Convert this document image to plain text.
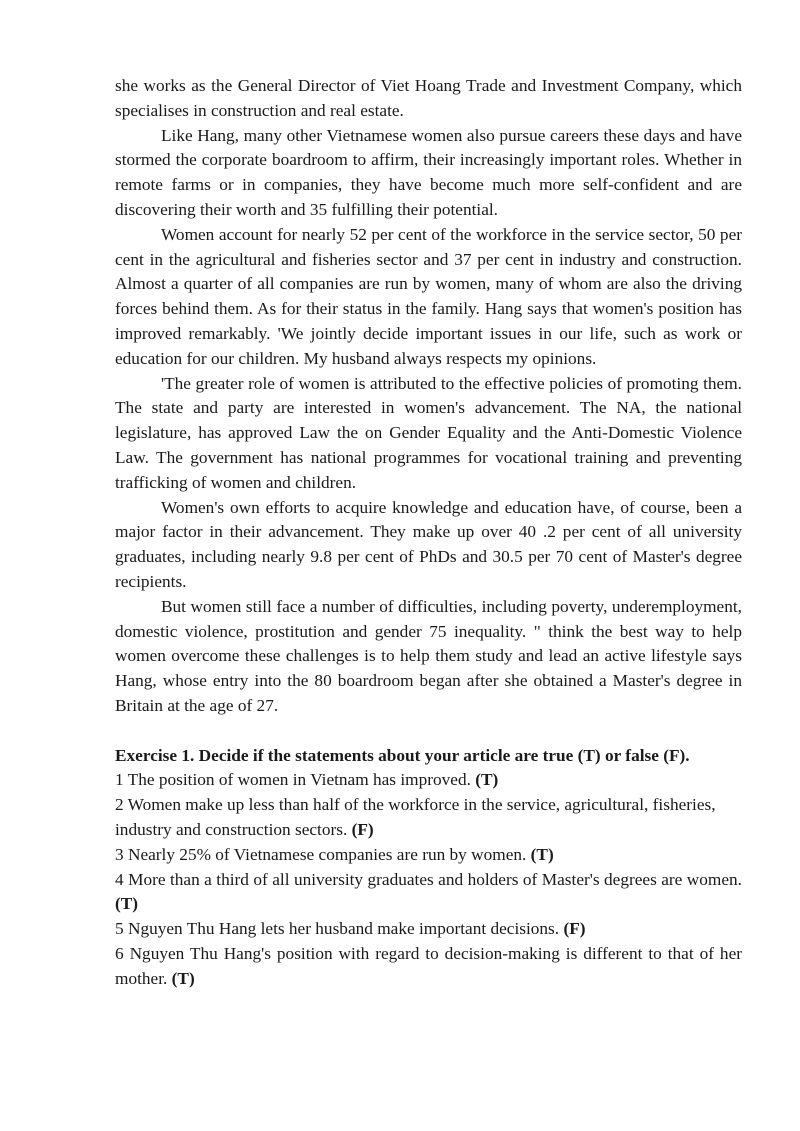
she works as the General Director of Viet Hoang Trade and Investment Company, which specialises in construction and real estate.

Like Hang, many other Vietnamese women also pursue careers these days and have stormed the corporate boardroom to affirm, their increasingly important roles. Whether in remote farms or in companies, they have become much more self-confident and are discovering their worth and 35 fulfilling their potential.

Women account for nearly 52 per cent of the workforce in the service sector, 50 per cent in the agricultural and fisheries sector and 37 per cent in industry and construction. Almost a quarter of all companies are run by women, many of whom are also the driving forces behind them. As for their status in the family. Hang says that women's position has improved remarkably. 'We jointly decide important issues in our life, such as work or education for our children. My husband always respects my opinions.

'The greater role of women is attributed to the effective policies of promoting them. The state and party are interested in women's advancement. The NA, the national legislature, has approved Law the on Gender Equality and the Anti-Domestic Violence Law. The government has national programmes for vocational training and preventing trafficking of women and children.

Women's own efforts to acquire knowledge and education have, of course, been a major factor in their advancement. They make up over 40 .2 per cent of all university graduates, including nearly 9.8 per cent of PhDs and 30.5 per 70 cent of Master's degree recipients.

But women still face a number of difficulties, including poverty, underemployment, domestic violence, prostitution and gender 75 inequality. " think the best way to help women overcome these challenges is to help them study and lead an active lifestyle says Hang, whose entry into the 80 boardroom began after she obtained a Master's degree in Britain at the age of 27.

Exercise 1. Decide if the statements about your article are true (T) or false (F).

1 The position of women in Vietnam has improved. (T)

2 Women make up less than half of the workforce in the service, agricultural, fisheries, industry and construction sectors. (F)

3 Nearly 25% of Vietnamese companies are run by women. (T)

4 More than a third of all university graduates and holders of Master's degrees are women. (T)

5 Nguyen Thu Hang lets her husband make important decisions. (F)

6 Nguyen Thu Hang's position with regard to decision-making is different to that of her mother. (T)
